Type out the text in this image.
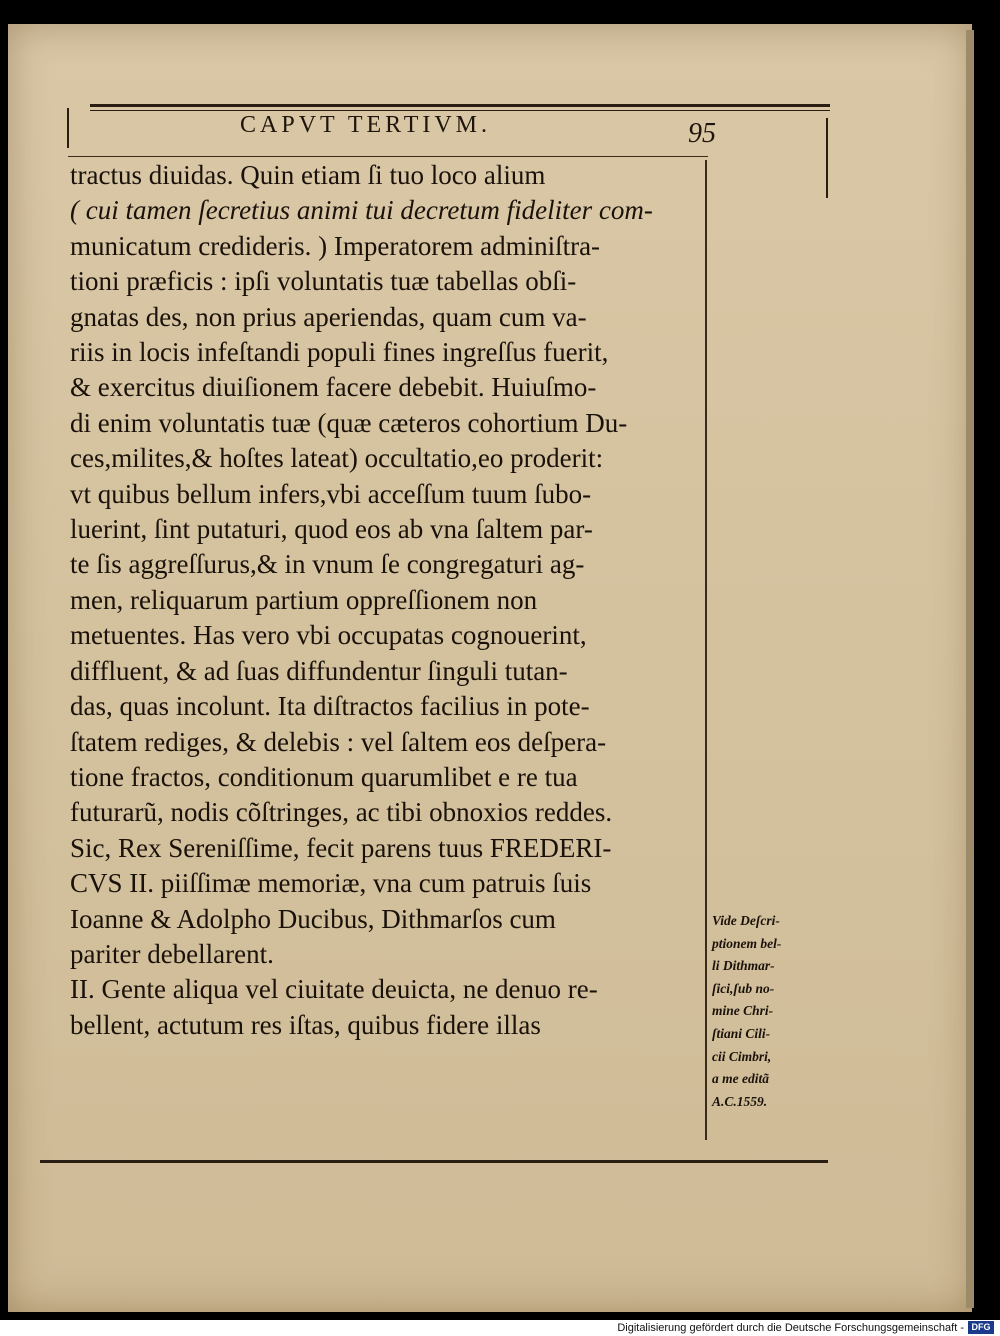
CAPVT TERTIVM.	95
tractus diuidas. Quin etiam ſi tuo loco alium
( cui tamen ſecretius animi tui decretum fideliter com-
municatum credideris. ) Imperatorem adminiſtra-
tioni præficis : ipſi voluntatis tuæ tabellas obſi-
gnatas des, non prius aperiendas, quam cum va-
riis in locis infeſtandi populi fines ingreſſus fuerit,
& exercitus diuiſionem facere debebit. Huiuſmo-
di enim voluntatis tuæ (quæ cæteros cohortium Du-
ces,milites,& hoſtes lateat) occultatio,eo proderit:
vt quibus bellum infers,vbi acceſſum tuum ſubo-
luerint, ſint putaturi, quod eos ab vna ſaltem par-
te ſis aggreſſurus,& in vnum ſe congregaturi ag-
men, reliquarum partium oppreſſionem non
metuentes. Has vero vbi occupatas cognouerint,
diffluent, & ad ſuas diffundentur ſinguli tutan-
das, quas incolunt. Ita diſtractos facilius in pote-
ſtatem rediges, & delebis : vel ſaltem eos deſpera-
tione fractos, conditionum quarumlibet e re tua
futurarũ, nodis cõſtringes, ac tibi obnoxios reddes.
Sic, Rex Sereniſſime, fecit parens tuus FREDERI-
CVS II. piiſſimæ memoriæ, vna cum patruis ſuis
Ioanne & Adolpho Ducibus, Dithmarſos cum
pariter debellarent.
II. Gente aliqua vel ciuitate deuicta, ne denuo re-
bellent, actutum res iſtas, quibus fidere illas
Vide Deſcri-
ptionem bel-
li Dithmar-
ſici,ſub no-
mine Chri-
ſtiani Cili-
cii Cimbri,
a me editã
A.C.1559.
Digitalisierung gefördert durch die Deutsche Forschungsgemeinschaft - DFG
